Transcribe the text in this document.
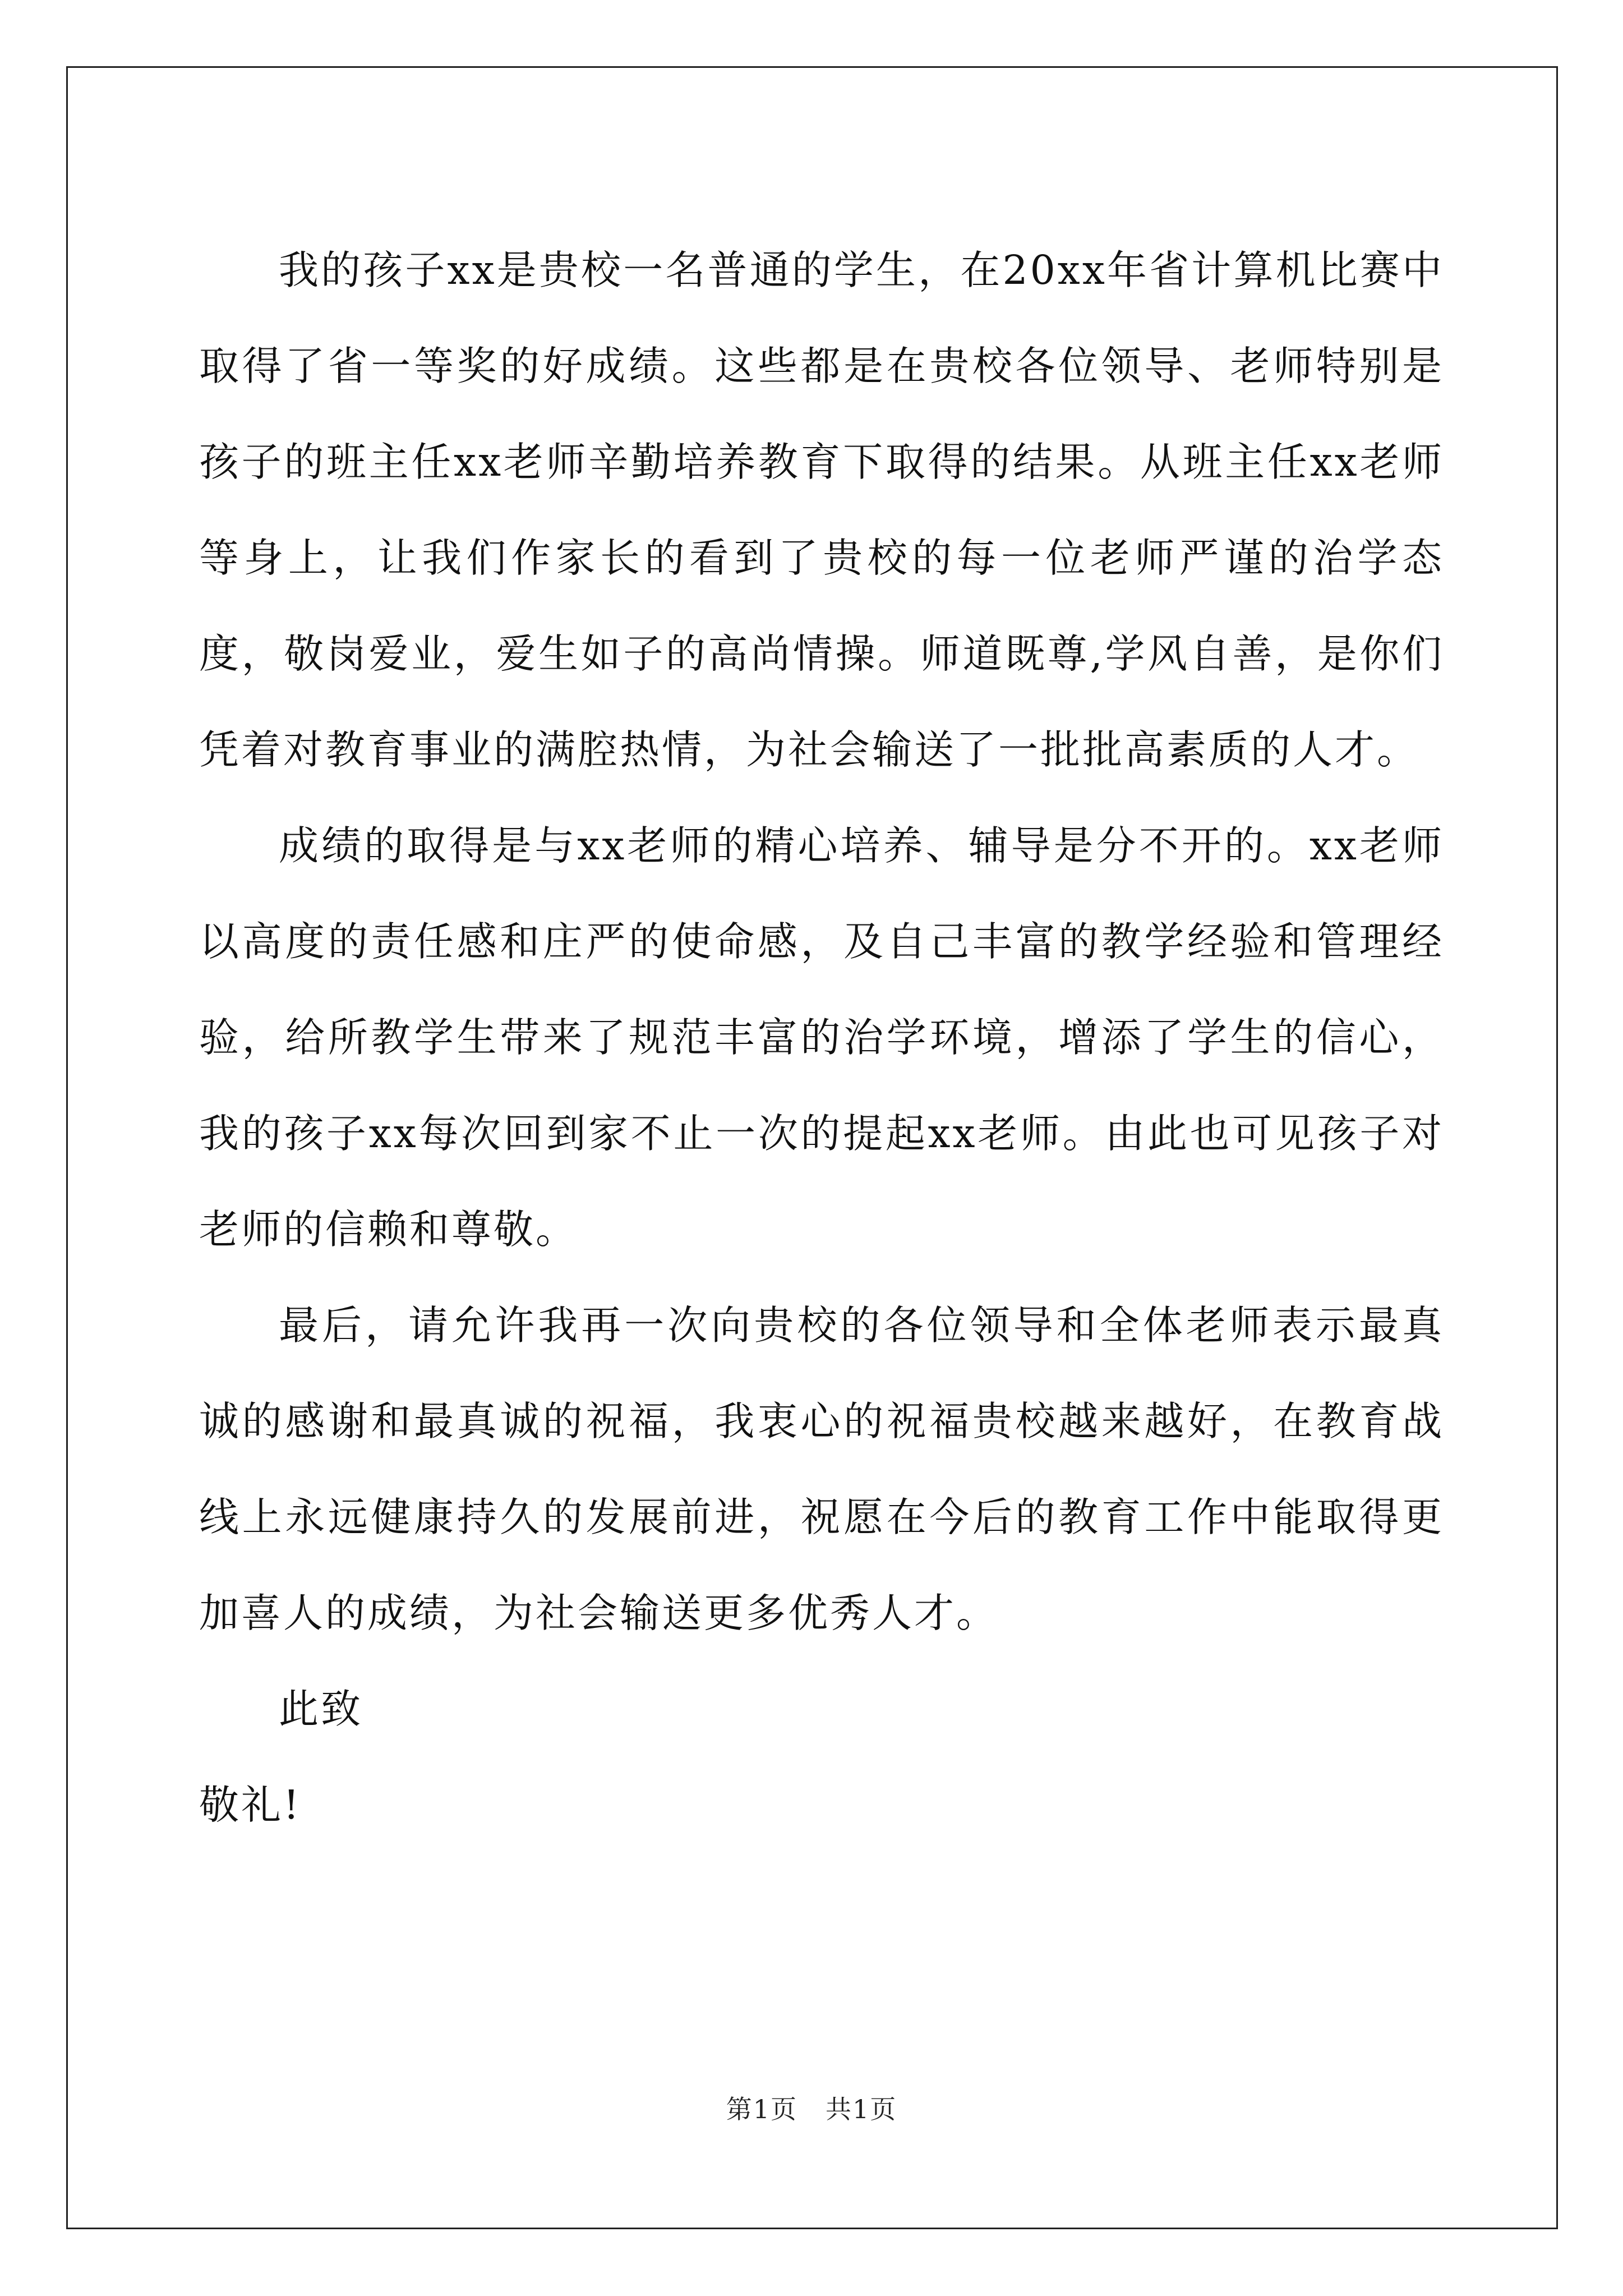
我的孩子xx是贵校一名普通的学生，在20xx年省计算机比赛中取得了省一等奖的好成绩。这些都是在贵校各位领导、老师特别是孩子的班主任xx老师辛勤培养教育下取得的结果。从班主任xx老师等身上，让我们作家长的看到了贵校的每一位老师严谨的治学态度，敬岗爱业，爱生如子的高尚情操。师道既尊,学风自善，是你们凭着对教育事业的满腔热情，为社会输送了一批批高素质的人才。

成绩的取得是与xx老师的精心培养、辅导是分不开的。xx老师以高度的责任感和庄严的使命感，及自己丰富的教学经验和管理经验，给所教学生带来了规范丰富的治学环境，增添了学生的信心，我的孩子xx每次回到家不止一次的提起xx老师。由此也可见孩子对老师的信赖和尊敬。

最后，请允许我再一次向贵校的各位领导和全体老师表示最真诚的感谢和最真诚的祝福，我衷心的祝福贵校越来越好，在教育战线上永远健康持久的发展前进，祝愿在今后的教育工作中能取得更加喜人的成绩，为社会输送更多优秀人才。

此致

敬礼!

第1页 共1页
